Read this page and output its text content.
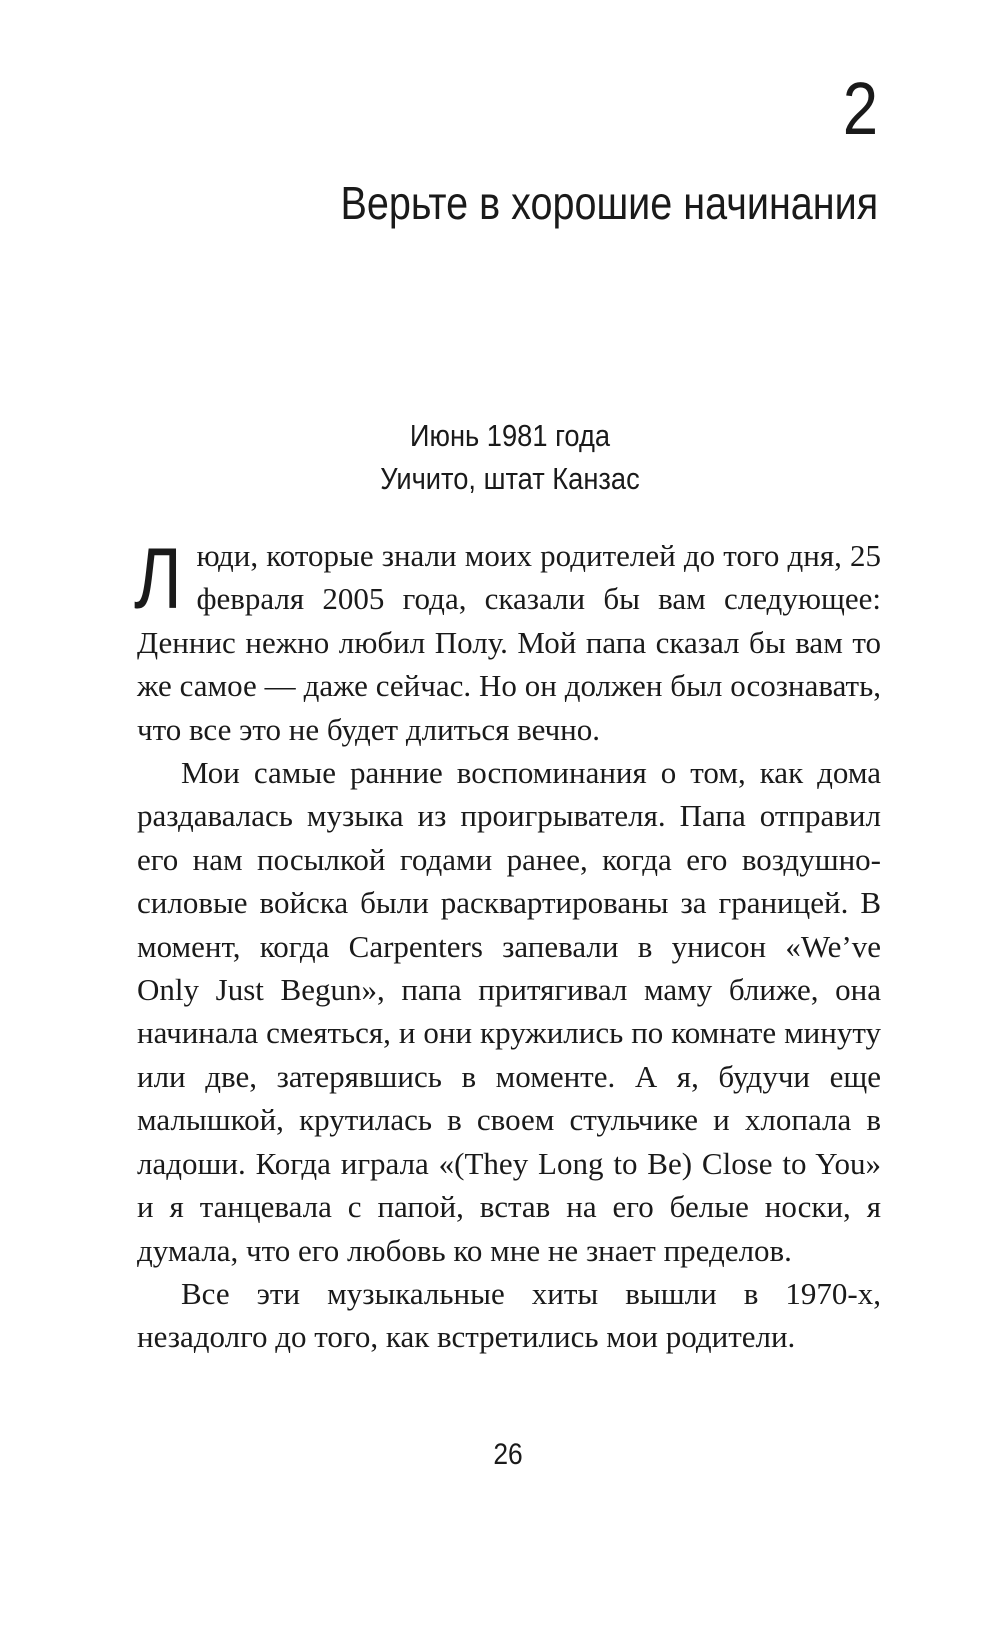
2
Верьте в хорошие начинания
Июнь 1981 года
Уичито, штат Канзас

Люди, которые знали моих родителей до того дня, 25 февраля 2005 года, сказали бы вам следующее: Деннис нежно любил Полу. Мой папа сказал бы вам то же самое — даже сейчас. Но он должен был осознавать, что все это не будет длиться вечно.

Мои самые ранние воспоминания о том, как дома раздавалась музыка из проигрывателя. Папа отправил его нам посылкой годами ранее, когда его воздушно-силовые войска были расквартированы за границей. В момент, когда Carpenters запевали в унисон «We’ve Only Just Begun», папа притягивал маму ближе, она начинала смеяться, и они кружились по комнате минуту или две, затерявшись в моменте. А я, будучи еще малышкой, крутилась в своем стульчике и хлопала в ладоши. Когда играла «(They Long to Be) Close to You» и я танцевала с папой, встав на его белые носки, я думала, что его любовь ко мне не знает пределов.

Все эти музыкальные хиты вышли в 1970-х, незадолго до того, как встретились мои родители.

26
